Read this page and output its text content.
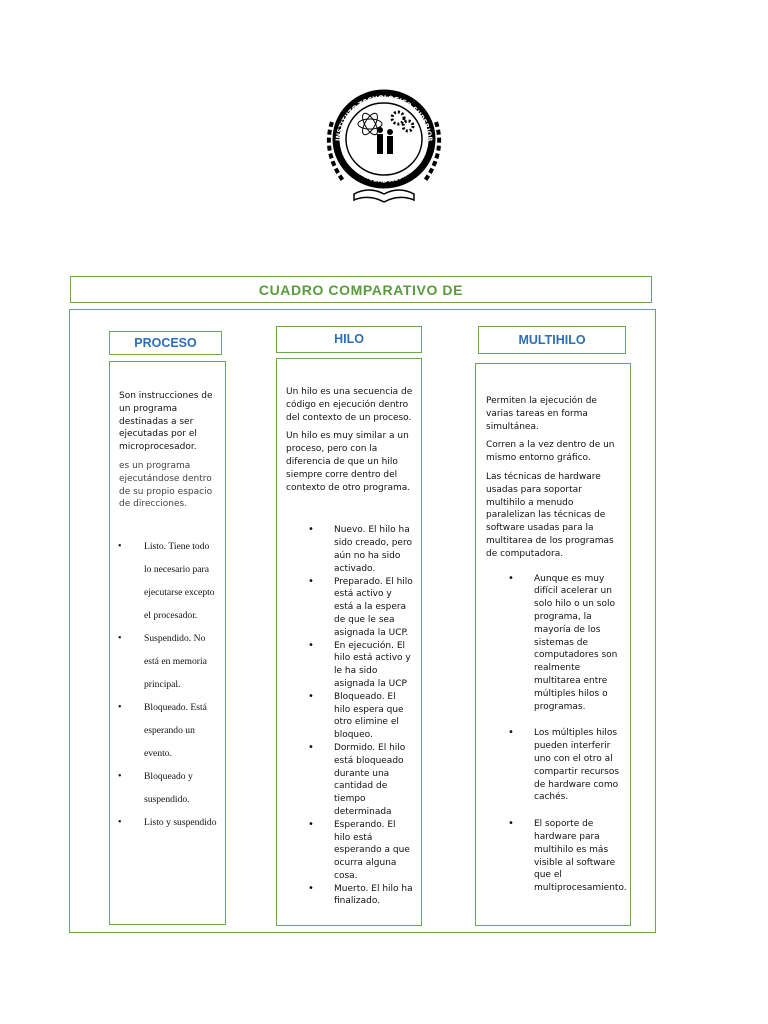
INSTITUTO TECNOLOGICO SUPERIOR
DE CIUDAD ACUÑA
CUADRO COMPARATIVO DE
PROCESO	HILO	MULTIHILO

Son instrucciones de un programa destinadas a ser ejecutadas por el microprocesador.

es un programa ejecutándose dentro de su propio espacio de direcciones.

• Listo. Tiene todo lo necesario para ejecutarse excepto el procesador.
• Suspendido. No está en memoria principal.
• Bloqueado. Está esperando un evento.
• Bloqueado y suspendido.
• Listo y suspendido

Un hilo es una secuencia de código en ejecución dentro del contexto de un proceso.

Un hilo es muy similar a un proceso, pero con la diferencia de que un hilo siempre corre dentro del contexto de otro programa.

• Nuevo. El hilo ha sido creado, pero aún no ha sido activado.
• Preparado. El hilo está activo y está a la espera de que le sea asignada la UCP.
• En ejecución. El hilo está activo y le ha sido asignada la UCP
• Bloqueado. El hilo espera que otro elimine el bloqueo.
• Dormido. El hilo está bloqueado durante una cantidad de tiempo determinada
• Esperando. El hilo está esperando a que ocurra alguna cosa.
• Muerto. El hilo ha finalizado.

Permiten la ejecución de varias tareas en forma simultánea.

Corren a la vez dentro de un mismo entorno gráfico.

Las técnicas de hardware usadas para soportar multihilo a menudo paralelizan las técnicas de software usadas para la multitarea de los programas de computadora.

• Aunque es muy difícil acelerar un solo hilo o un solo programa, la mayoría de los sistemas de computadores son realmente multitarea entre múltiples hilos o programas.
• Los múltiples hilos pueden interferir uno con el otro al compartir recursos de hardware como cachés.
• El soporte de hardware para multihilo es más visible al software que el multiprocesamiento.
